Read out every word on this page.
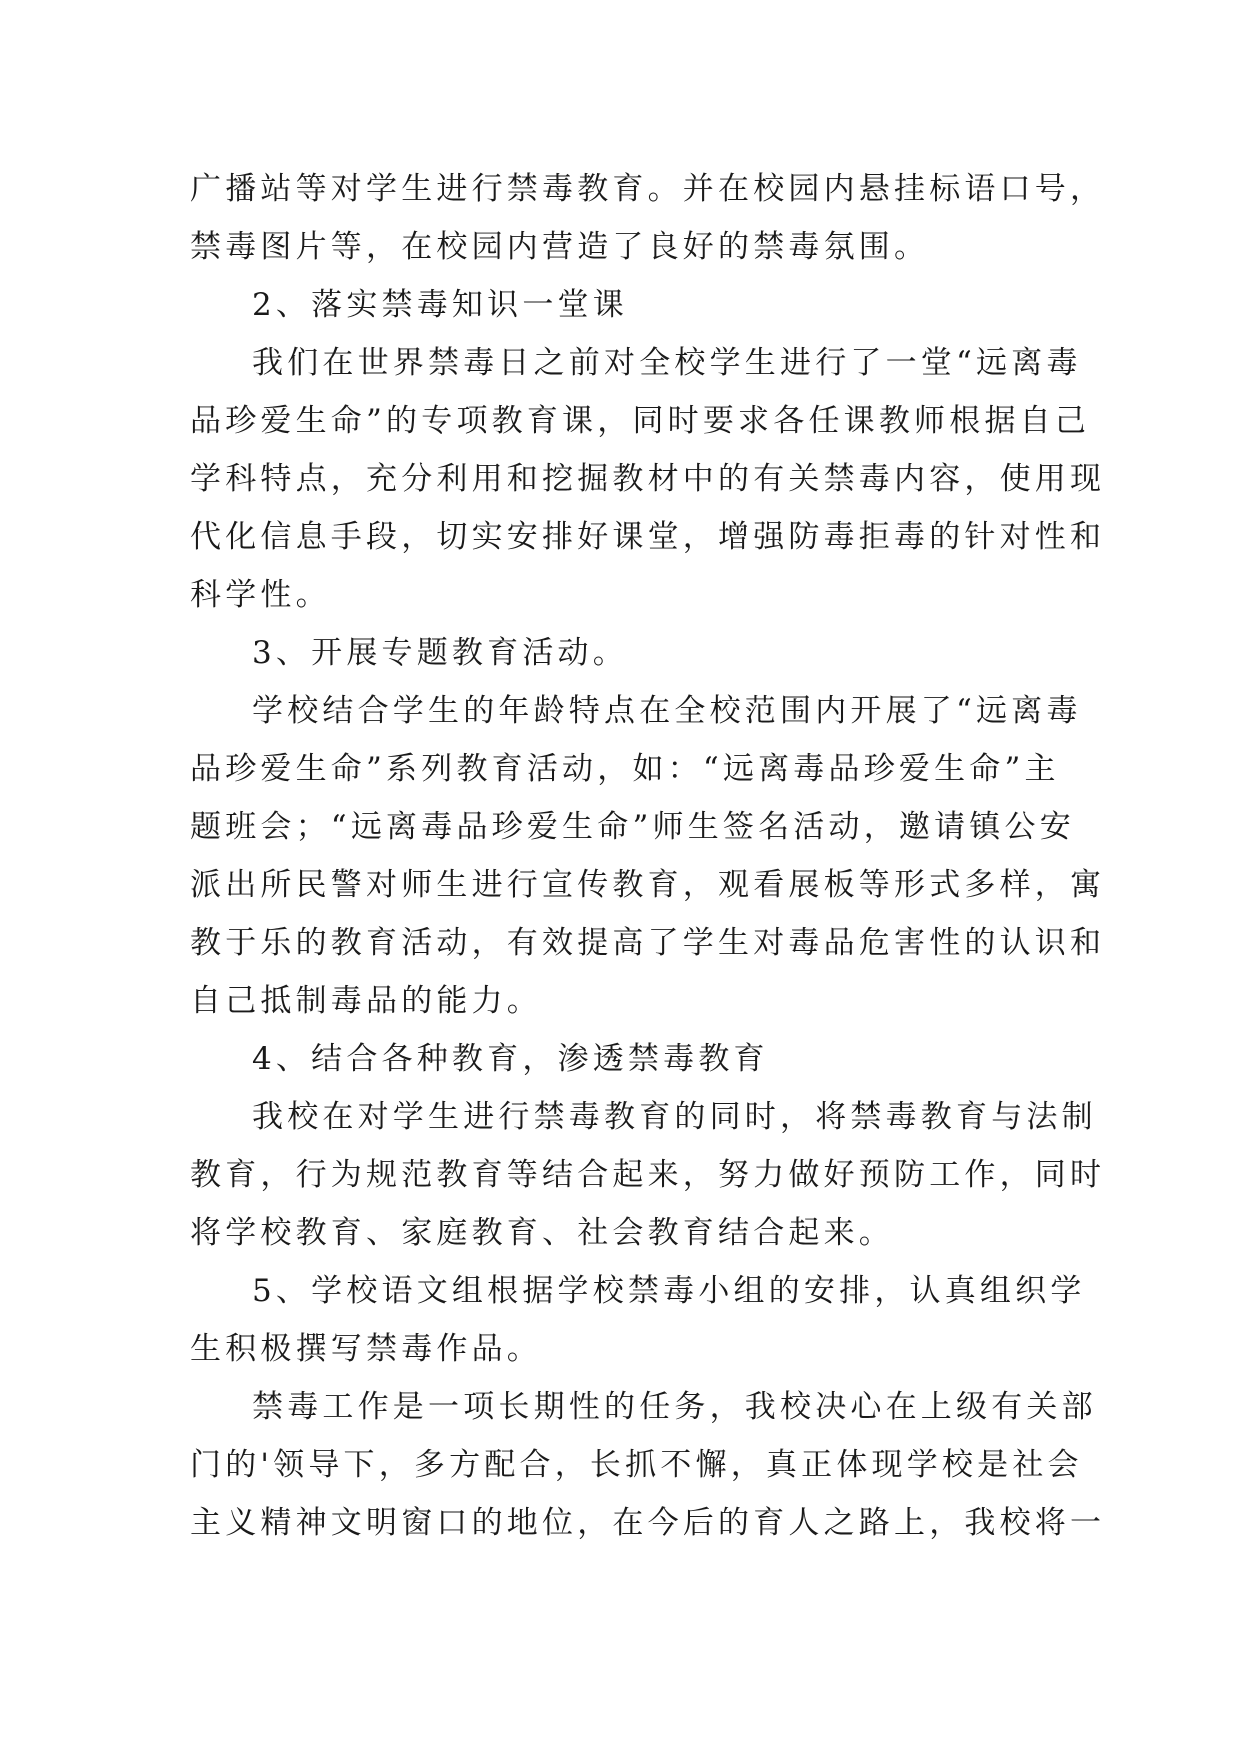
广播站等对学生进行禁毒教育。并在校园内悬挂标语口号，
禁毒图片等，在校园内营造了良好的禁毒氛围。
2、落实禁毒知识一堂课
我们在世界禁毒日之前对全校学生进行了一堂“远离毒
品珍爱生命”的专项教育课，同时要求各任课教师根据自己
学科特点，充分利用和挖掘教材中的有关禁毒内容，使用现
代化信息手段，切实安排好课堂，增强防毒拒毒的针对性和
科学性。
3、开展专题教育活动。
学校结合学生的年龄特点在全校范围内开展了“远离毒
品珍爱生命”系列教育活动，如：“远离毒品珍爱生命”主
题班会；“远离毒品珍爱生命”师生签名活动，邀请镇公安
派出所民警对师生进行宣传教育，观看展板等形式多样，寓
教于乐的教育活动，有效提高了学生对毒品危害性的认识和
自己抵制毒品的能力。
4、结合各种教育，渗透禁毒教育
我校在对学生进行禁毒教育的同时，将禁毒教育与法制
教育，行为规范教育等结合起来，努力做好预防工作，同时
将学校教育、家庭教育、社会教育结合起来。
5、学校语文组根据学校禁毒小组的安排，认真组织学
生积极撰写禁毒作品。
禁毒工作是一项长期性的任务，我校决心在上级有关部
门的'领导下，多方配合，长抓不懈，真正体现学校是社会
主义精神文明窗口的地位，在今后的育人之路上，我校将一
